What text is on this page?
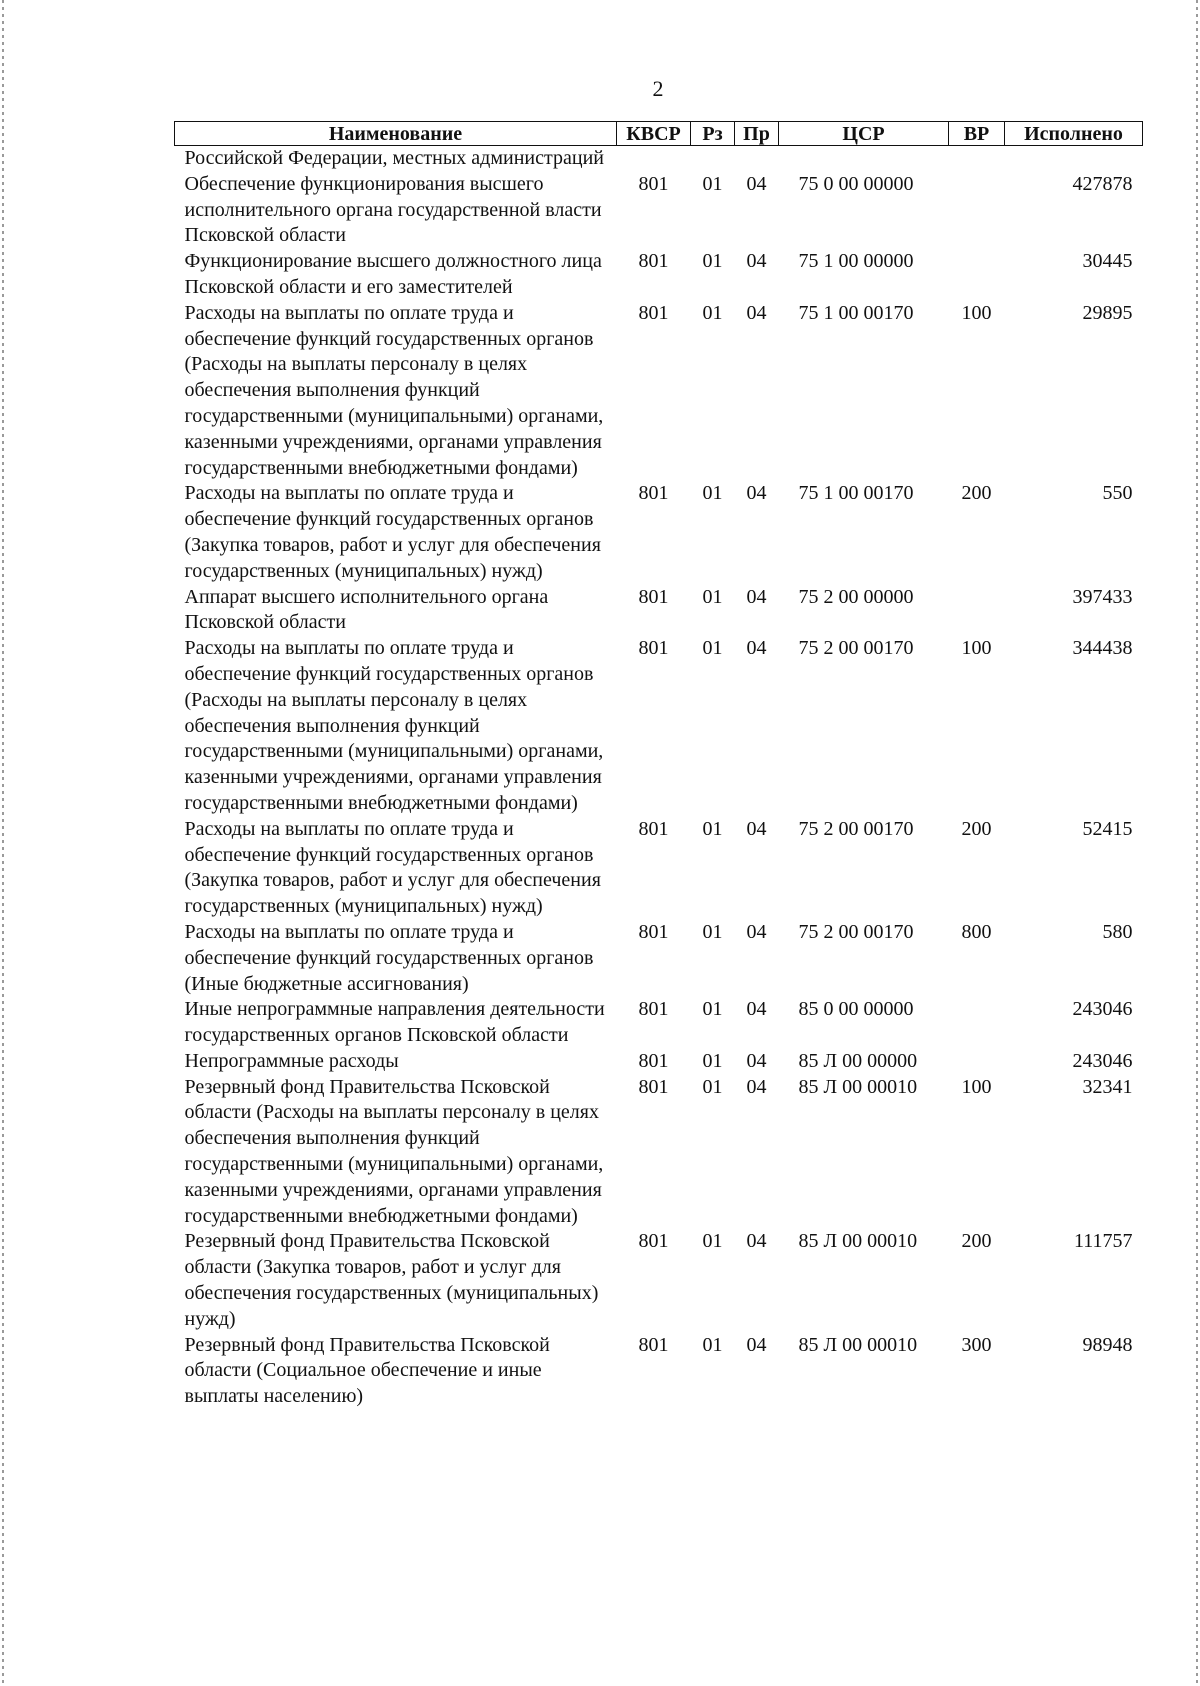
2
Наименование	КВСР	Рз	Пр	ЦСР	ВР	Исполнено
Российской Федерации, местных администраций						
Обеспечение функционирования высшего исполнительного органа государственной власти Псковской области	801	01	04	75 0 00 00000		427878
Функционирование высшего должностного лица Псковской области и его заместителей	801	01	04	75 1 00 00000		30445
Расходы на выплаты по оплате труда и обеспечение функций государственных органов (Расходы на выплаты персоналу в целях обеспечения выполнения функций государственными (муниципальными) органами, казенными учреждениями, органами управления государственными внебюджетными фондами)	801	01	04	75 1 00 00170	100	29895
Расходы на выплаты по оплате труда и обеспечение функций государственных органов (Закупка товаров, работ и услуг для обеспечения государственных (муниципальных) нужд)	801	01	04	75 1 00 00170	200	550
Аппарат высшего исполнительного органа Псковской области	801	01	04	75 2 00 00000		397433
Расходы на выплаты по оплате труда и обеспечение функций государственных органов (Расходы на выплаты персоналу в целях обеспечения выполнения функций государственными (муниципальными) органами, казенными учреждениями, органами управления государственными внебюджетными фондами)	801	01	04	75 2 00 00170	100	344438
Расходы на выплаты по оплате труда и обеспечение функций государственных органов (Закупка товаров, работ и услуг для обеспечения государственных (муниципальных) нужд)	801	01	04	75 2 00 00170	200	52415
Расходы на выплаты по оплате труда и обеспечение функций государственных органов (Иные бюджетные ассигнования)	801	01	04	75 2 00 00170	800	580
Иные непрограммные направления деятельности государственных органов Псковской области	801	01	04	85 0 00 00000		243046
Непрограммные расходы	801	01	04	85 Л 00 00000		243046
Резервный фонд Правительства Псковской области (Расходы на выплаты персоналу в целях обеспечения выполнения функций государственными (муниципальными) органами, казенными учреждениями, органами управления государственными внебюджетными фондами)	801	01	04	85 Л 00 00010	100	32341
Резервный фонд Правительства Псковской области (Закупка товаров, работ и услуг для обеспечения государственных (муниципальных) нужд)	801	01	04	85 Л 00 00010	200	111757
Резервный фонд Правительства Псковской области (Социальное обеспечение и иные выплаты населению)	801	01	04	85 Л 00 00010	300	98948
